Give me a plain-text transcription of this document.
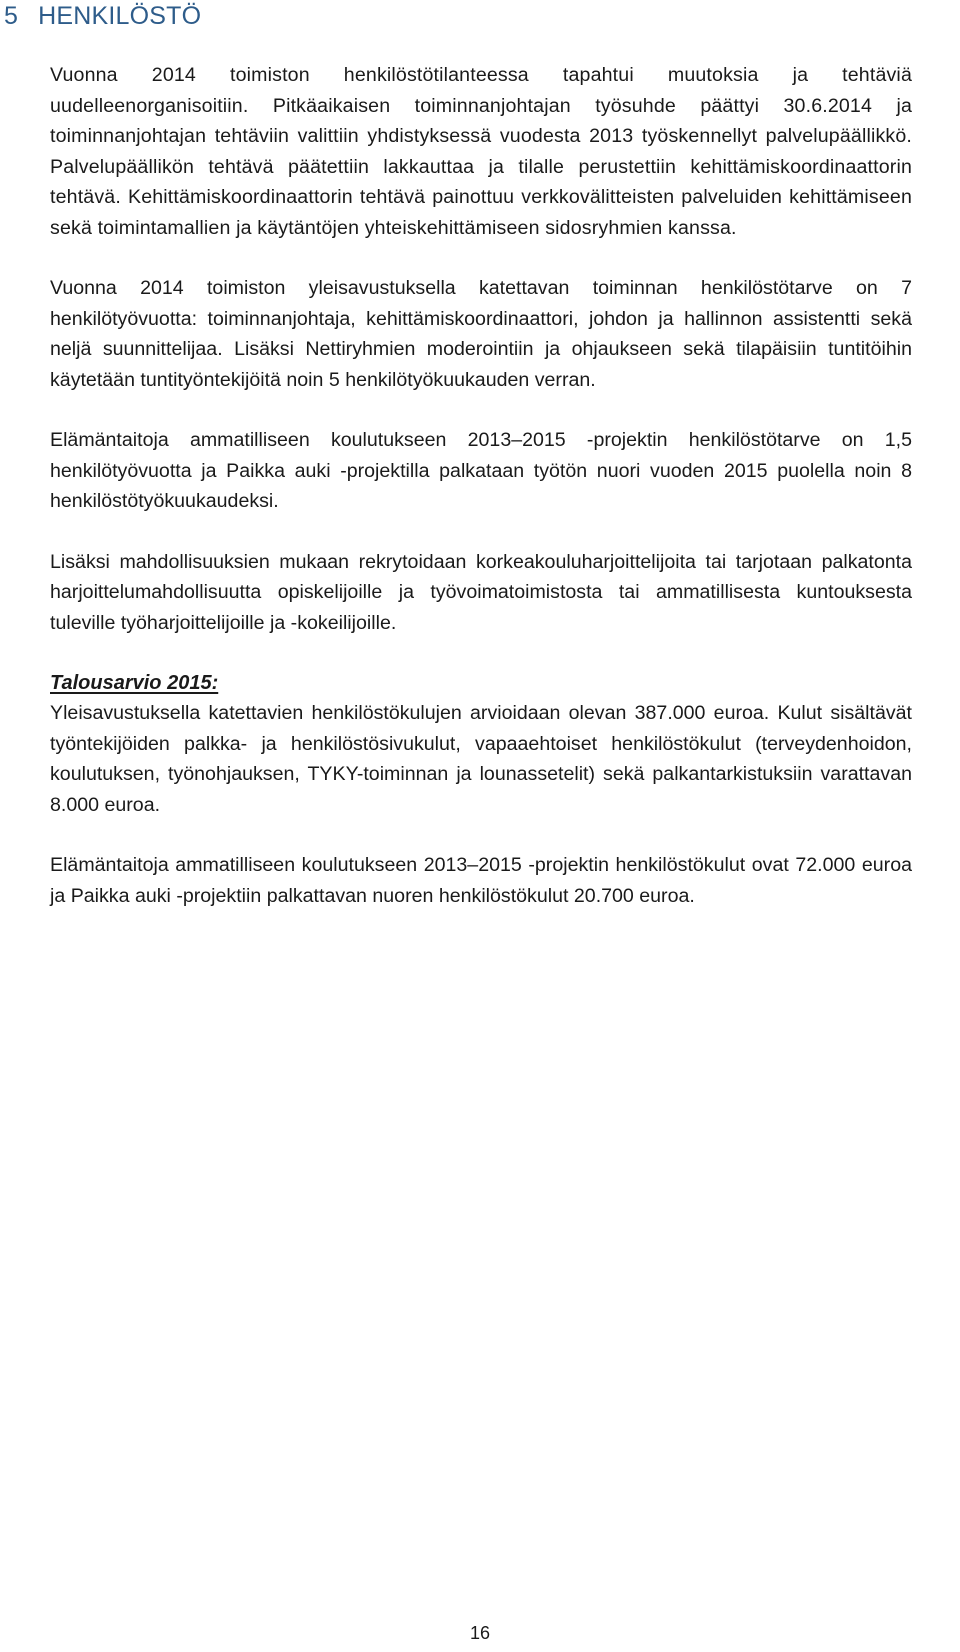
5 HENKILÖSTÖ

Vuonna 2014 toimiston henkilöstötilanteessa tapahtui muutoksia ja tehtäviä uudelleenorganisoitiin. Pitkäaikaisen toiminnanjohtajan työsuhde päättyi 30.6.2014 ja toiminnanjohtajan tehtäviin valittiin yhdistyksessä vuodesta 2013 työskennellyt palvelupäällikkö. Palvelupäällikön tehtävä päätettiin lakkauttaa ja tilalle perustettiin kehittämiskoordinaattorin tehtävä. Kehittämiskoordinaattorin tehtävä painottuu verkkovälitteisten palveluiden kehittämiseen sekä toimintamallien ja käytäntöjen yhteiskehittämiseen sidosryhmien kanssa.

Vuonna 2014 toimiston yleisavustuksella katettavan toiminnan henkilöstötarve on 7 henkilötyövuotta: toiminnanjohtaja, kehittämiskoordinaattori, johdon ja hallinnon assistentti sekä neljä suunnittelijaa. Lisäksi Nettiryhmien moderointiin ja ohjaukseen sekä tilapäisiin tuntitöihin käytetään tuntityöntekijöitä noin 5 henkilötyökuukauden verran.

Elämäntaitoja ammatilliseen koulutukseen 2013–2015 -projektin henkilöstötarve on 1,5 henkilötyövuotta ja Paikka auki -projektilla palkataan työtön nuori vuoden 2015 puolella noin 8 henkilöstötyökuukaudeksi.

Lisäksi mahdollisuuksien mukaan rekrytoidaan korkeakouluharjoittelijoita tai tarjotaan palkatonta harjoittelumahdollisuutta opiskelijoille ja työvoimatoimistosta tai ammatillisesta kuntouksesta tuleville työharjoittelijoille ja -kokeilijoille.

Talousarvio 2015:

Yleisavustuksella katettavien henkilöstökulujen arvioidaan olevan 387.000 euroa. Kulut sisältävät työntekijöiden palkka- ja henkilöstösivukulut, vapaaehtoiset henkilöstökulut (terveydenhoidon, koulutuksen, työnohjauksen, TYKY-toiminnan ja lounassetelit) sekä palkantarkistuksiin varattavan 8.000 euroa.

Elämäntaitoja ammatilliseen koulutukseen 2013–2015 -projektin henkilöstökulut ovat 72.000 euroa ja Paikka auki -projektiin palkattavan nuoren henkilöstökulut 20.700 euroa.

16
